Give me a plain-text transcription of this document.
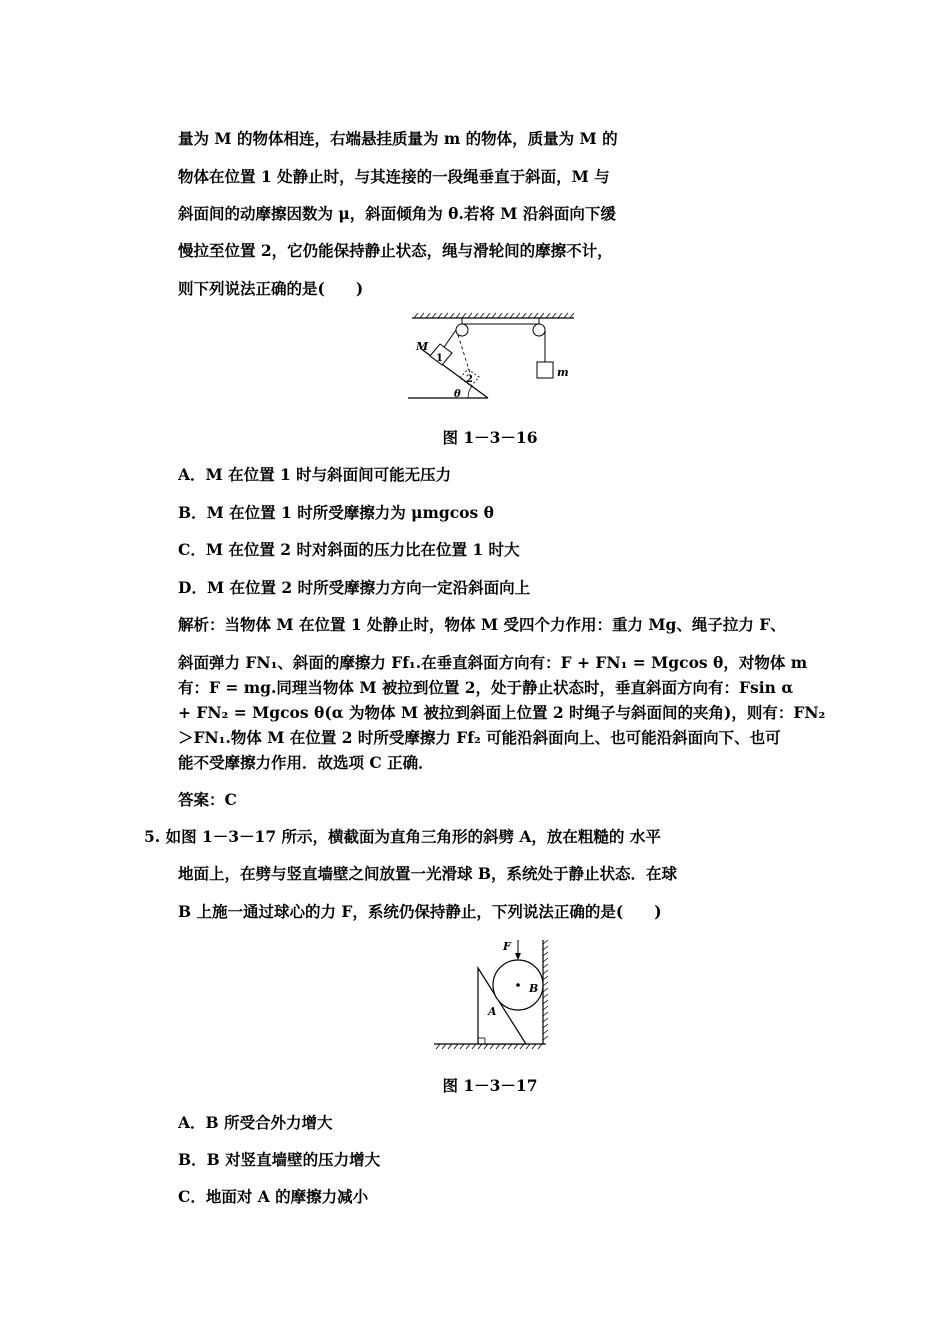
量为 M 的物体相连，右端悬挂质量为 m 的物体，质量为 M 的
物体在位置 1 处静止时，与其连接的一段绳垂直于斜面，M 与
斜面间的动摩擦因数为 μ，斜面倾角为 θ.若将 M 沿斜面向下缓
慢拉至位置 2，它仍能保持静止状态，绳与滑轮间的摩擦不计，
则下列说法正确的是(　　)
m
1
2
θ
M
图 1－3－16
A．M 在位置 1 时与斜面间可能无压力
B．M 在位置 1 时所受摩擦力为 μmgcos θ
C．M 在位置 2 时对斜面的压力比在位置 1 时大
D．M 在位置 2 时所受摩擦力方向一定沿斜面向上
解析：当物体 M 在位置 1 处静止时，物体 M 受四个力作用：重力 Mg、绳子拉力 F、
斜面弹力 FN₁、斜面的摩擦力 Ff₁.在垂直斜面方向有：F + FN₁ = Mgcos θ，对物体 m
有：F = mg.同理当物体 M 被拉到位置 2，处于静止状态时，垂直斜面方向有：Fsin α
+ FN₂ = Mgcos θ(α 为物体 M 被拉到斜面上位置 2 时绳子与斜面间的夹角)，则有：FN₂
＞FN₁.物体 M 在位置 2 时所受摩擦力 Ff₂ 可能沿斜面向上、也可能沿斜面向下、也可
能不受摩擦力作用．故选项 C 正确．
答案：C
5. 如图 1－3－17 所示，横截面为直角三角形的斜劈 A，放在粗糙的 水平
地面上，在劈与竖直墙壁之间放置一光滑球 B，系统处于静止状态．在球
B 上施一通过球心的力 F，系统仍保持静止，下列说法正确的是(　　)
A
B
F
图 1－3－17
A．B 所受合外力增大
B．B 对竖直墙壁的压力增大
C．地面对 A 的摩擦力减小
